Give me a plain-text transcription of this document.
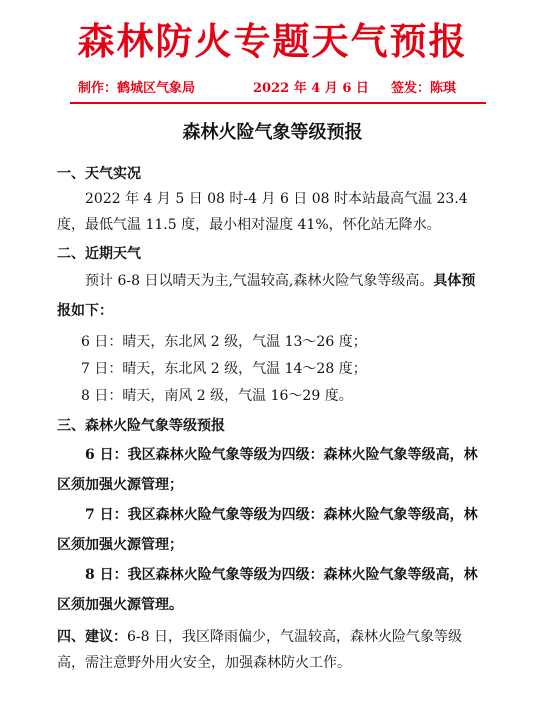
森林防火专题天气预报
制作：鹤城区气象局	2022 年 4 月 6 日 签发：陈琪
森林火险气象等级预报
一、天气实况

2022 年 4 月 5 日 08 时-4 月 6 日 08 时本站最高气温 23.4 度，最低气温 11.5 度，最小相对湿度 41%，怀化站无降水。

二、近期天气

预计 6-8 日以晴天为主,气温较高,森林火险气象等级高。具体预报如下：

6 日：晴天，东北风 2 级，气温 13～26 度；
7 日：晴天，东北风 2 级，气温 14～28 度；
8 日：晴天，南风 2 级，气温 16～29 度。
三、森林火险气象等级预报

6 日：我区森林火险气象等级为四级：森林火险气象等级高，林区须加强火源管理；

7 日：我区森林火险气象等级为四级：森林火险气象等级高，林区须加强火源管理；

8 日：我区森林火险气象等级为四级：森林火险气象等级高，林区须加强火源管理。

四、建议：6-8 日，我区降雨偏少，气温较高，森林火险气象等级高，需注意野外用火安全，加强森林防火工作。
